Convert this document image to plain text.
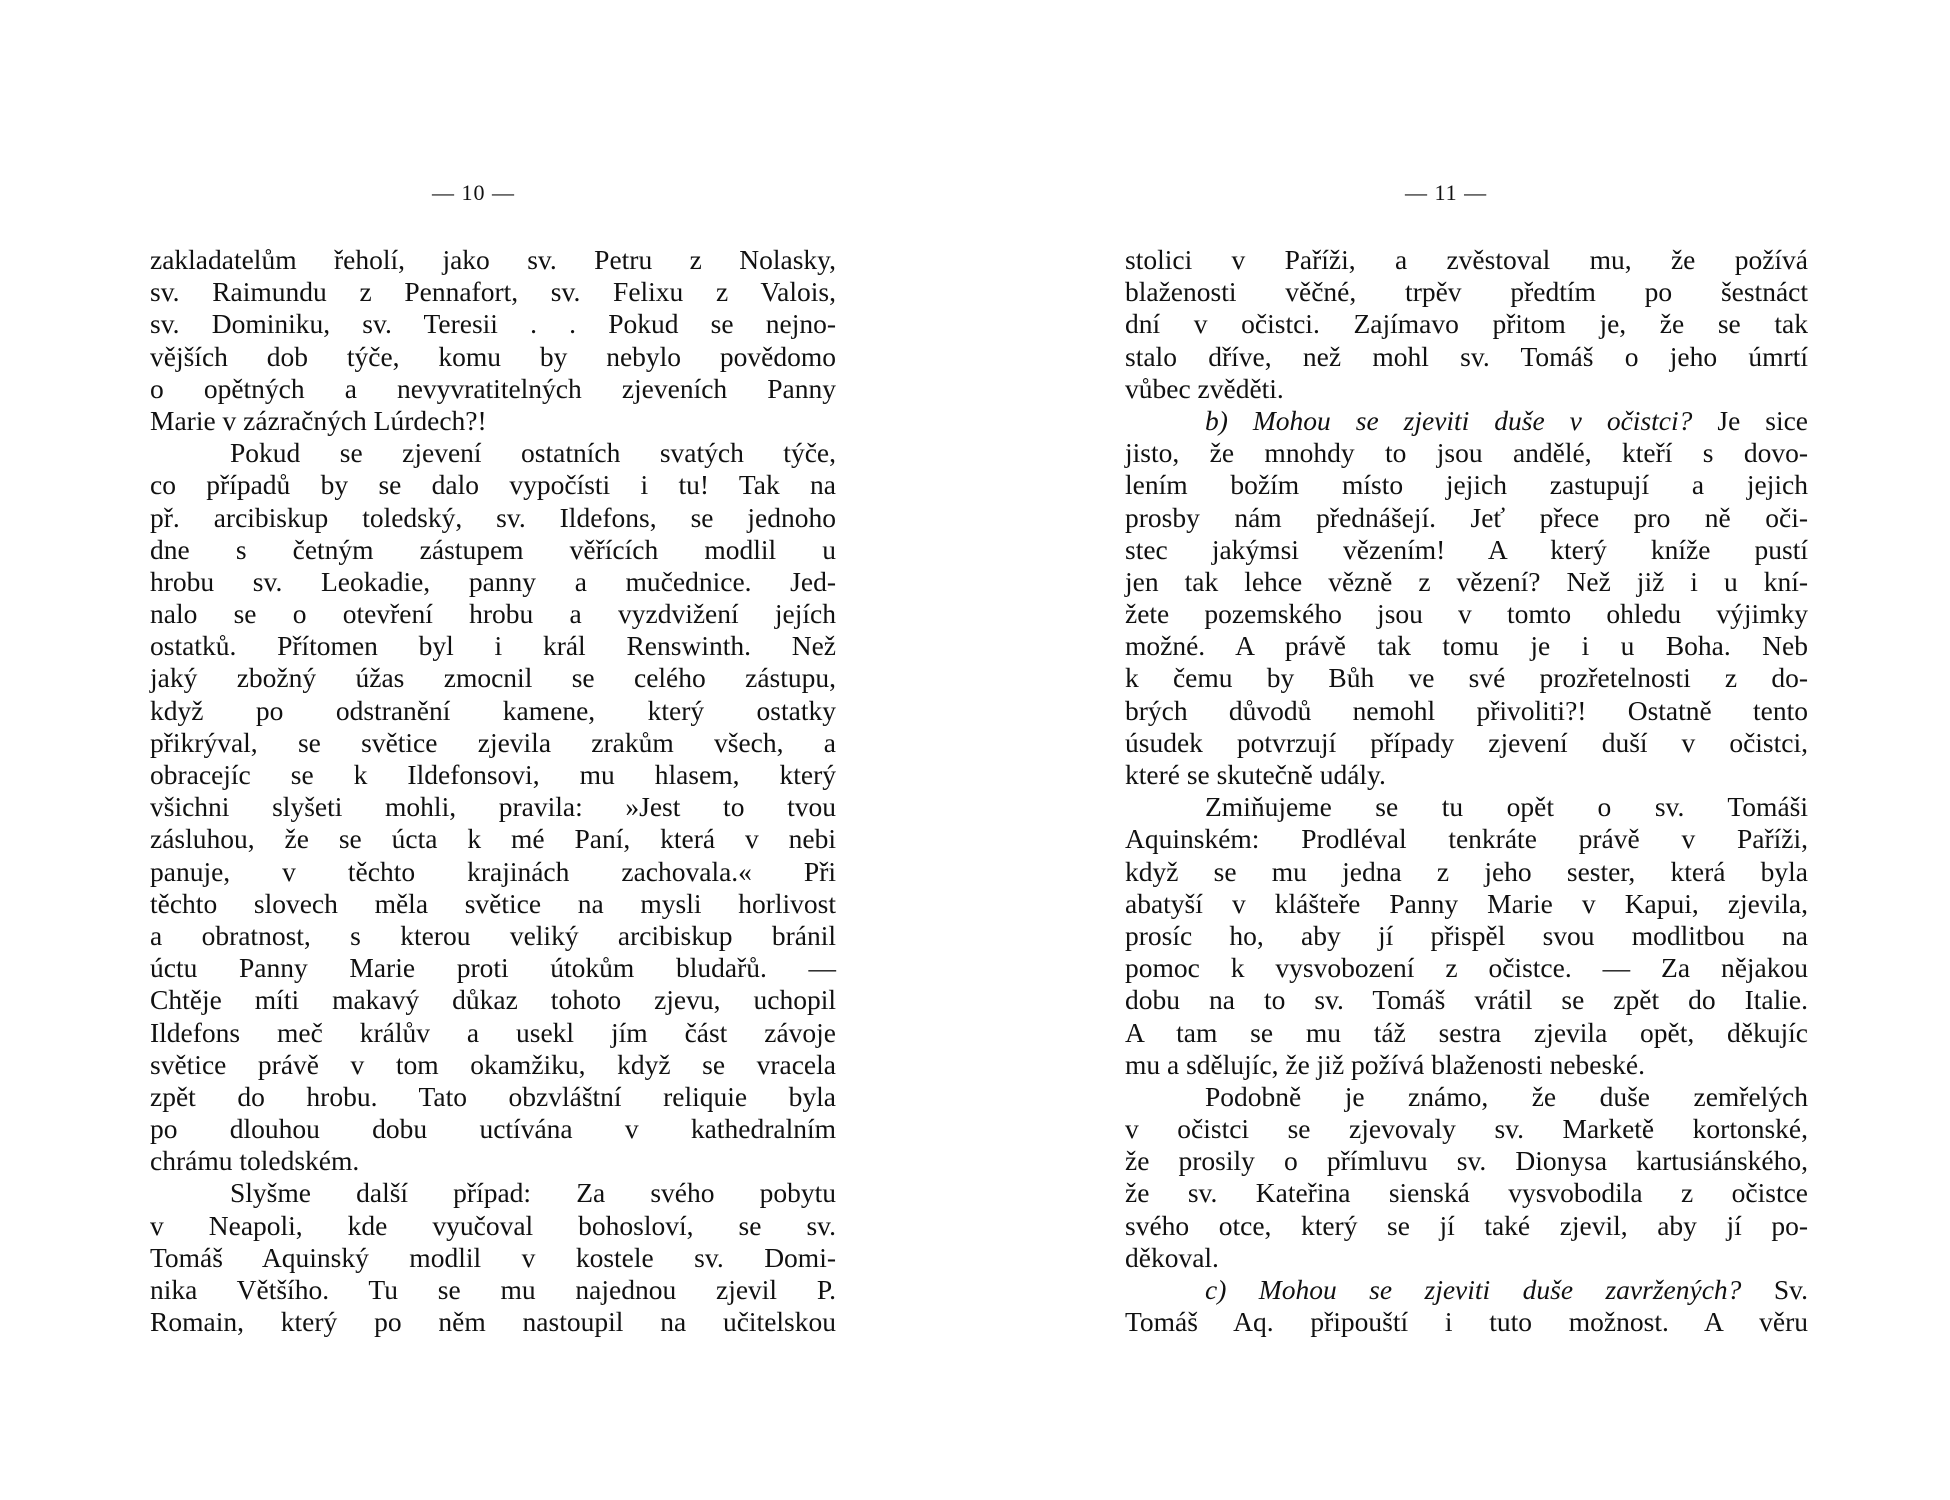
— 10 —
zakladatelům řeholí, jako sv. Petru z Nolasky,
sv. Raimundu z Pennafort, sv. Felixu z Valois,
sv. Dominiku, sv. Teresii . . Pokud se nejno-
vějších dob týče, komu by nebylo povědomo
o opětných a nevyvratitelných zjeveních Panny
Marie v zázračných Lúrdech?!
Pokud se zjevení ostatních svatých týče,
co případů by se dalo vypočísti i tu! Tak na
př. arcibiskup toledský, sv. Ildefons, se jednoho
dne s četným zástupem věřících modlil u
hrobu sv. Leokadie, panny a mučednice. Jed-
nalo se o otevření hrobu a vyzdvižení jejích
ostatků. Přítomen byl i král Renswinth. Než
jaký zbožný úžas zmocnil se celého zástupu,
když po odstranění kamene, který ostatky
přikrýval, se světice zjevila zrakům všech, a
obracejíc se k Ildefonsovi, mu hlasem, který
všichni slyšeti mohli, pravila: »Jest to tvou
zásluhou, že se úcta k mé Paní, která v nebi
panuje, v těchto krajinách zachovala.« Při
těchto slovech měla světice na mysli horlivost
a obratnost, s kterou veliký arcibiskup bránil
úctu Panny Marie proti útokům bludařů. —
Chtěje míti makavý důkaz tohoto zjevu, uchopil
Ildefons meč králův a usekl jím část závoje
světice právě v tom okamžiku, když se vracela
zpět do hrobu. Tato obzvláštní reliquie byla
po dlouhou dobu uctívána v kathedralním
chrámu toledském.
Slyšme další případ: Za svého pobytu
v Neapoli, kde vyučoval bohosloví, se sv.
Tomáš Aquinský modlil v kostele sv. Domi-
nika Většího. Tu se mu najednou zjevil P.
Romain, který po něm nastoupil na učitelskou
— 11 —
stolici v Paříži, a zvěstoval mu, že požívá
blaženosti věčné, trpěv předtím po šestnáct
dní v očistci. Zajímavo přitom je, že se tak
stalo dříve, než mohl sv. Tomáš o jeho úmrtí
vůbec zvěděti.
b) Mohou se zjeviti duše v očistci? Je sice
jisto, že mnohdy to jsou andělé, kteří s dovo-
lením božím místo jejich zastupují a jejich
prosby nám přednášejí. Jeť přece pro ně oči-
stec jakýmsi vězením! A který kníže pustí
jen tak lehce vězně z vězení? Než již i u kní-
žete pozemského jsou v tomto ohledu výjimky
možné. A právě tak tomu je i u Boha. Neb
k čemu by Bůh ve své prozřetelnosti z do-
brých důvodů nemohl přivoliti?! Ostatně tento
úsudek potvrzují případy zjevení duší v očistci,
které se skutečně udály.
Zmiňujeme se tu opět o sv. Tomáši
Aquinském: Prodléval tenkráte právě v Paříži,
když se mu jedna z jeho sester, která byla
abatyší v klášteře Panny Marie v Kapui, zjevila,
prosíc ho, aby jí přispěl svou modlitbou na
pomoc k vysvobození z očistce. — Za nějakou
dobu na to sv. Tomáš vrátil se zpět do Italie.
A tam se mu táž sestra zjevila opět, děkujíc
mu a sdělujíc, že již požívá blaženosti nebeské.
Podobně je známo, že duše zemřelých
v očistci se zjevovaly sv. Marketě kortonské,
že prosily o přímluvu sv. Dionysa kartusiánského,
že sv. Kateřina sienská vysvobodila z očistce
svého otce, který se jí také zjevil, aby jí po-
děkoval.
c) Mohou se zjeviti duše zavržených? Sv.
Tomáš Aq. připouští i tuto možnost. A věru
